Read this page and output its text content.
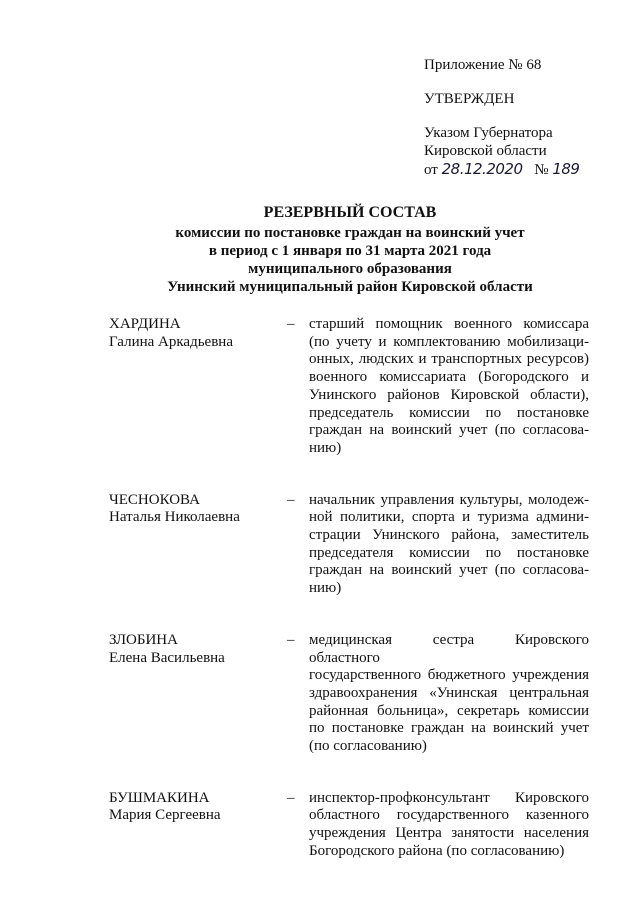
Приложение № 68
УТВЕРЖДЕН
Указом Губернатора
Кировской области
от 28.12.2020 № 189
РЕЗЕРВНЫЙ СОСТАВ
комиссии по постановке граждан на воинский учет
в период с 1 января по 31 марта 2021 года
муниципального образования
Унинский муниципальный район Кировской области
ХАРДИНА
Галина Аркадьевна
– старший помощник военного комиссара
(по учету и комплектованию мобилизаци-
онных, людских и транспортных ресурсов)
военного комиссариата (Богородского и
Унинского районов Кировской области),
председатель комиссии по постановке
граждан на воинский учет (по согласова-
нию)
ЧЕСНОКОВА
Наталья Николаевна
– начальник управления культуры, молодеж-
ной политики, спорта и туризма админи-
страции Унинского района, заместитель
председателя комиссии по постановке
граждан на воинский учет (по согласова-
нию)
ЗЛОБИНА
Елена Васильевна
– медицинская сестра Кировского областного
государственного бюджетного учреждения
здравоохранения «Унинская центральная
районная больница», секретарь комиссии
по постановке граждан на воинский учет
(по согласованию)
БУШМАКИНА
Мария Сергеевна
– инспектор-профконсультант Кировского
областного государственного казенного
учреждения Центра занятости населения
Богородского района (по согласованию)
